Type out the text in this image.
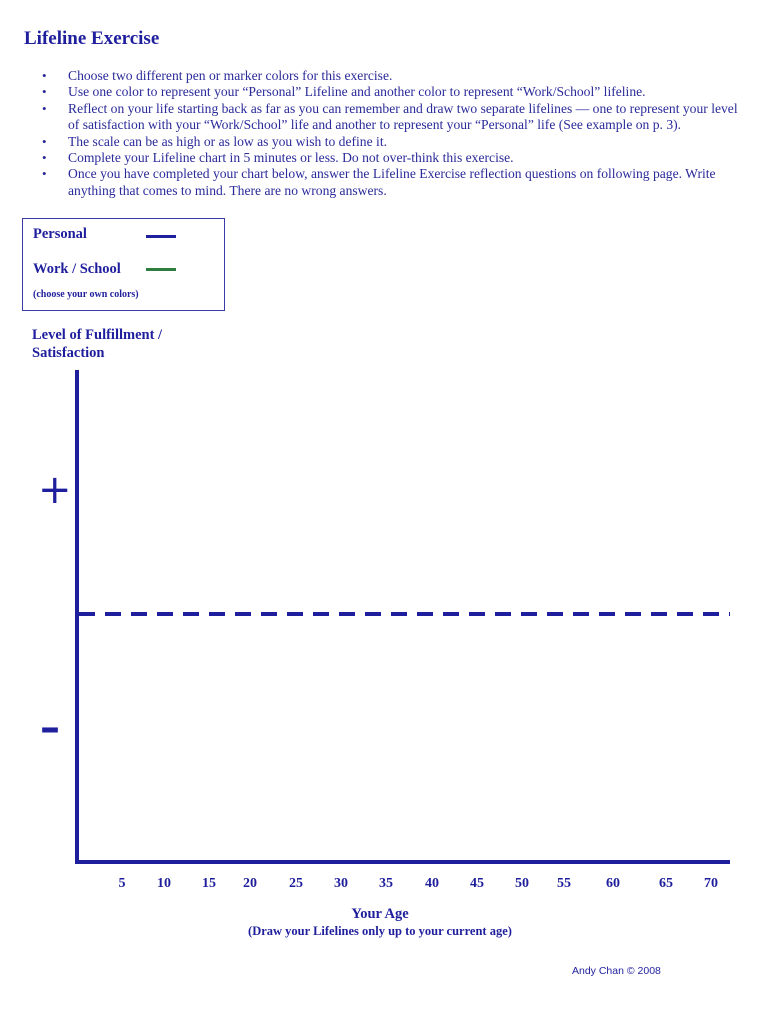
Lifeline Exercise
• Choose two different pen or marker colors for this exercise.
• Use one color to represent your “Personal” Lifeline and another color to represent “Work/School” lifeline.
• Reflect on your life starting back as far as you can remember and draw two separate lifelines — one to represent your level of satisfaction with your “Work/School” life and another to represent your “Personal” life (See example on p. 3).
• The scale can be as high or as low as you wish to define it.
• Complete your Lifeline chart in 5 minutes or less. Do not over-think this exercise.
• Once you have completed your chart below, answer the Lifeline Exercise reflection questions on following page. Write anything that comes to mind. There are no wrong answers.
Personal
Work / School
(choose your own colors)
Level of Fulfillment / Satisfaction
+
–
5	10	15	20	25	30	35	40	45	50	55	60	65	70
Your Age
(Draw your Lifelines only up to your current age)
Andy Chan © 2008
